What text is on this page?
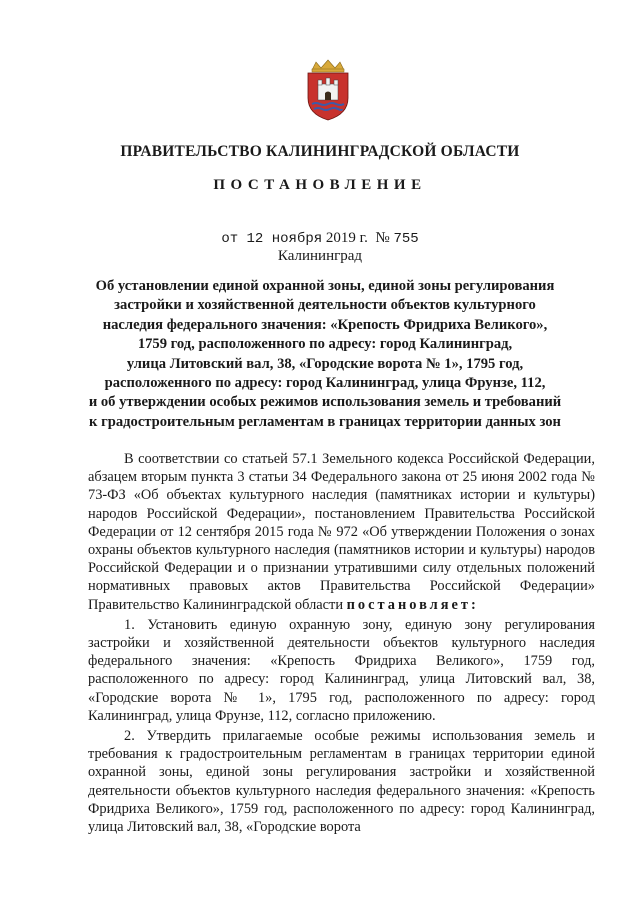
ПРАВИТЕЛЬСТВО КАЛИНИНГРАДСКОЙ ОБЛАСТИ
ПОСТАНОВЛЕНИЕ
от 12 ноября 2019 г. № 755
Калининград
Об установлении единой охранной зоны, единой зоны регулирования
застройки и хозяйственной деятельности объектов культурного
наследия федерального значения: «Крепость Фридриха Великого»,
1759 год, расположенного по адресу: город Калининград,
улица Литовский вал, 38, «Городские ворота № 1», 1795 год,
расположенного по адресу: город Калининград, улица Фрунзе, 112,
и об утверждении особых режимов использования земель и требований
к градостроительным регламентам в границах территории данных зон

В соответствии со статьей 57.1 Земельного кодекса Российской Федерации, абзацем вторым пункта 3 статьи 34 Федерального закона от 25 июня 2002 года № 73-ФЗ «Об объектах культурного наследия (памятниках истории и культуры) народов Российской Федерации», постановлением Правительства Российской Федерации от 12 сентября 2015 года № 972 «Об утверждении Положения о зонах охраны объектов культурного наследия (памятников истории и культуры) народов Российской Федерации и о признании утратившими силу отдельных положений нормативных правовых актов Правительства Российской Федерации» Правительство Калининградской области постановляет:

1. Установить единую охранную зону, единую зону регулирования застройки и хозяйственной деятельности объектов культурного наследия федерального значения: «Крепость Фридриха Великого», 1759 год, расположенного по адресу: город Калининград, улица Литовский вал, 38, «Городские ворота № 1», 1795 год, расположенного по адресу: город Калининград, улица Фрунзе, 112, согласно приложению.

2. Утвердить прилагаемые особые режимы использования земель и требования к градостроительным регламентам в границах территории единой охранной зоны, единой зоны регулирования застройки и хозяйственной деятельности объектов культурного наследия федерального значения: «Крепость Фридриха Великого», 1759 год, расположенного по адресу: город Калининград, улица Литовский вал, 38, «Городские ворота
